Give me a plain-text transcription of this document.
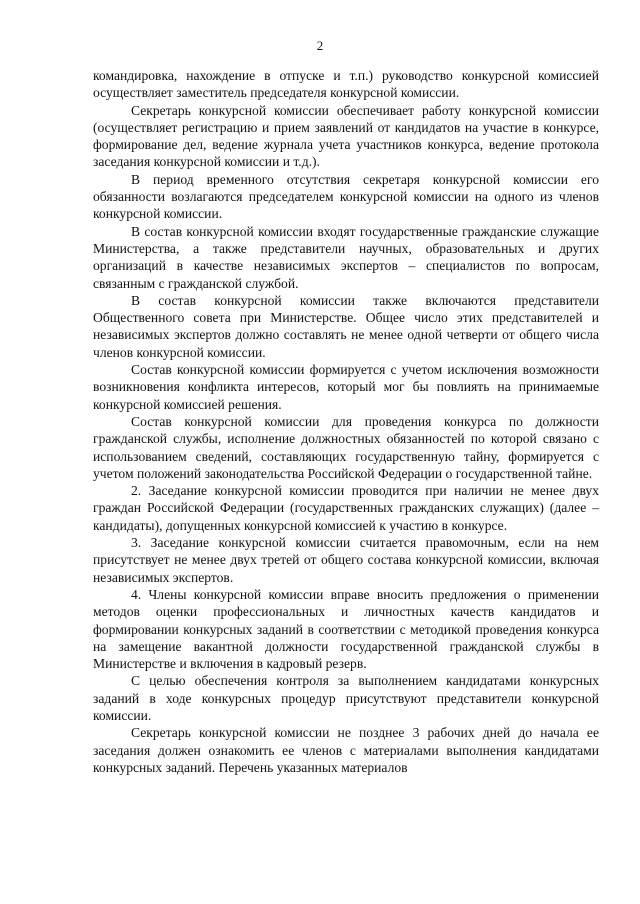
2

командировка, нахождение в отпуске и т.п.) руководство конкурсной комиссией осуществляет заместитель председателя конкурсной комиссии.

Секретарь конкурсной комиссии обеспечивает работу конкурсной комиссии (осуществляет регистрацию и прием заявлений от кандидатов на участие в конкурсе, формирование дел, ведение журнала учета участников конкурса, ведение протокола заседания конкурсной комиссии и т.д.).

В период временного отсутствия секретаря конкурсной комиссии его обязанности возлагаются председателем конкурсной комиссии на одного из членов конкурсной комиссии.

В состав конкурсной комиссии входят государственные гражданские служащие Министерства, а также представители научных, образовательных и других организаций в качестве независимых экспертов – специалистов по вопросам, связанным с гражданской службой.

В состав конкурсной комиссии также включаются представители Общественного совета при Министерстве. Общее число этих представителей и независимых экспертов должно составлять не менее одной четверти от общего числа членов конкурсной комиссии.

Состав конкурсной комиссии формируется с учетом исключения возможности возникновения конфликта интересов, который мог бы повлиять на принимаемые конкурсной комиссией решения.

Состав конкурсной комиссии для проведения конкурса по должности гражданской службы, исполнение должностных обязанностей по которой связано с использованием сведений, составляющих государственную тайну, формируется с учетом положений законодательства Российской Федерации о государственной тайне.

2. Заседание конкурсной комиссии проводится при наличии не менее двух граждан Российской Федерации (государственных гражданских служащих) (далее – кандидаты), допущенных конкурсной комиссией к участию в конкурсе.

3. Заседание конкурсной комиссии считается правомочным, если на нем присутствует не менее двух третей от общего состава конкурсной комиссии, включая независимых экспертов.

4. Члены конкурсной комиссии вправе вносить предложения о применении методов оценки профессиональных и личностных качеств кандидатов и формировании конкурсных заданий в соответствии с методикой проведения конкурса на замещение вакантной должности государственной гражданской службы в Министерстве и включения в кадровый резерв.

С целью обеспечения контроля за выполнением кандидатами конкурсных заданий в ходе конкурсных процедур присутствуют представители конкурсной комиссии.

Секретарь конкурсной комиссии не позднее 3 рабочих дней до начала ее заседания должен ознакомить ее членов с материалами выполнения кандидатами конкурсных заданий. Перечень указанных материалов
